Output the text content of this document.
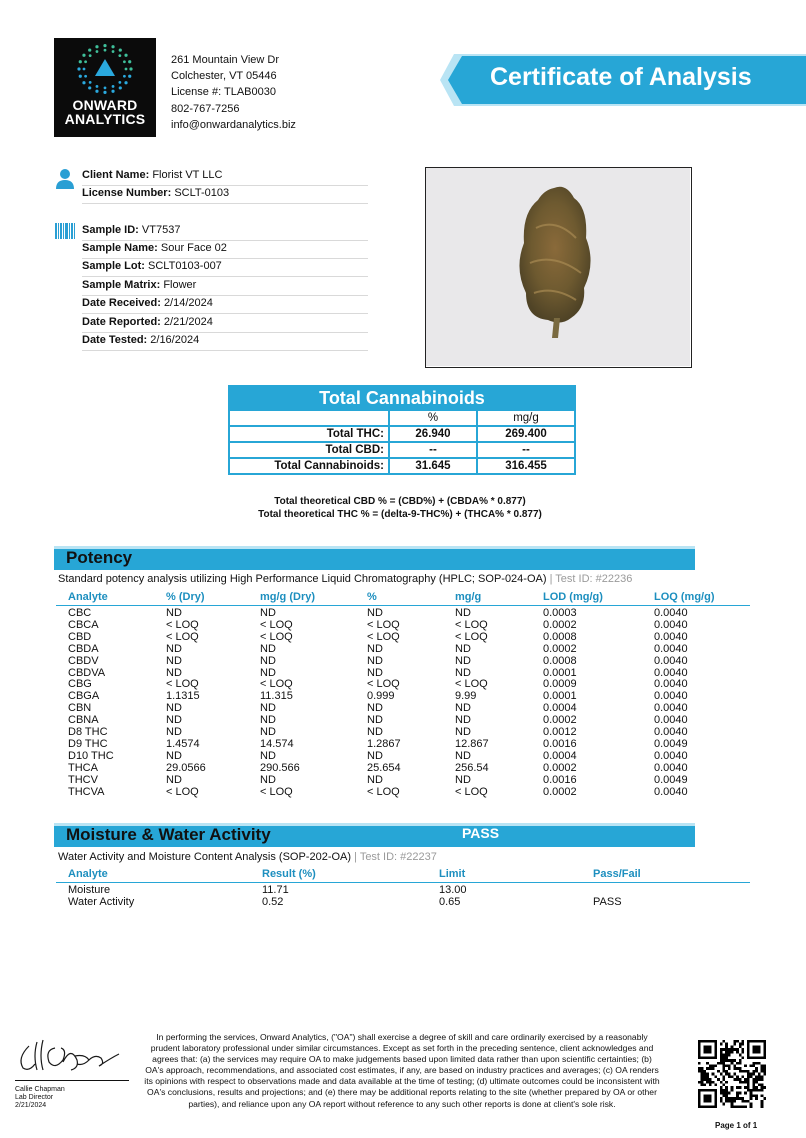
ONWARD
ANALYTICS
261 Mountain View Dr
Colchester, VT 05446
License #: TLAB0030
802-767-7256
info@onwardanalytics.biz
Certificate of Analysis
Client Name: Florist VT LLC
License Number: SCLT-0103
Sample ID: VT7537
Sample Name: Sour Face 02
Sample Lot: SCLT0103-007
Sample Matrix: Flower
Date Received: 2/14/2024
Date Reported: 2/21/2024
Date Tested: 2/16/2024
Total Cannabinoids
	%	mg/g
Total THC:	26.940	269.400
Total CBD:	--	--
Total Cannabinoids:	31.645	316.455
Total theoretical CBD % = (CBD%) + (CBDA% * 0.877)
Total theoretical THC % = (delta-9-THC%) + (THCA% * 0.877)
Potency
Standard potency analysis utilizing High Performance Liquid Chromatography (HPLC; SOP-024-OA) | Test ID: #22236
Analyte	% (Dry)	mg/g (Dry)	%	mg/g	LOD (mg/g)	LOQ (mg/g)
CBC	ND	ND	ND	ND	0.0003	0.0040
CBCA	< LOQ	< LOQ	< LOQ	< LOQ	0.0002	0.0040
CBD	< LOQ	< LOQ	< LOQ	< LOQ	0.0008	0.0040
CBDA	ND	ND	ND	ND	0.0002	0.0040
CBDV	ND	ND	ND	ND	0.0008	0.0040
CBDVA	ND	ND	ND	ND	0.0001	0.0040
CBG	< LOQ	< LOQ	< LOQ	< LOQ	0.0009	0.0040
CBGA	1.1315	11.315	0.999	9.99	0.0001	0.0040
CBN	ND	ND	ND	ND	0.0004	0.0040
CBNA	ND	ND	ND	ND	0.0002	0.0040
D8 THC	ND	ND	ND	ND	0.0012	0.0040
D9 THC	1.4574	14.574	1.2867	12.867	0.0016	0.0049
D10 THC	ND	ND	ND	ND	0.0004	0.0040
THCA	29.0566	290.566	25.654	256.54	0.0002	0.0040
THCV	ND	ND	ND	ND	0.0016	0.0049
THCVA	< LOQ	< LOQ	< LOQ	< LOQ	0.0002	0.0040
Moisture & Water Activity	PASS
Water Activity and Moisture Content Analysis (SOP-202-OA) | Test ID: #22237
Analyte	Result (%)	Limit	Pass/Fail
Moisture	11.71	13.00
Water Activity	0.52	0.65	PASS
Callie Chapman
Lab Director
2/21/2024
In performing the services, Onward Analytics, ("OA") shall exercise a degree of skill and care ordinarily exercised by a reasonably prudent laboratory professional under similar circumstances. Except as set forth in the preceding sentence, client acknowledges and agrees that: (a) the services may require OA to make judgements based upon limited data rather than upon scientific certainties; (b) OA's approach, recommendations, and associated cost estimates, if any, are based on industry practices and averages; (c) OA renders its opinions with respect to observations made and data available at the time of testing; (d) ultimate outcomes could be inconsistent with OA's conclusions, results and projections; and (e) there may be additional reports relating to the site (whether prepared by OA or other parties), and reliance upon any OA report without reference to any such other reports is done at client's sole risk.
Page 1 of 1
